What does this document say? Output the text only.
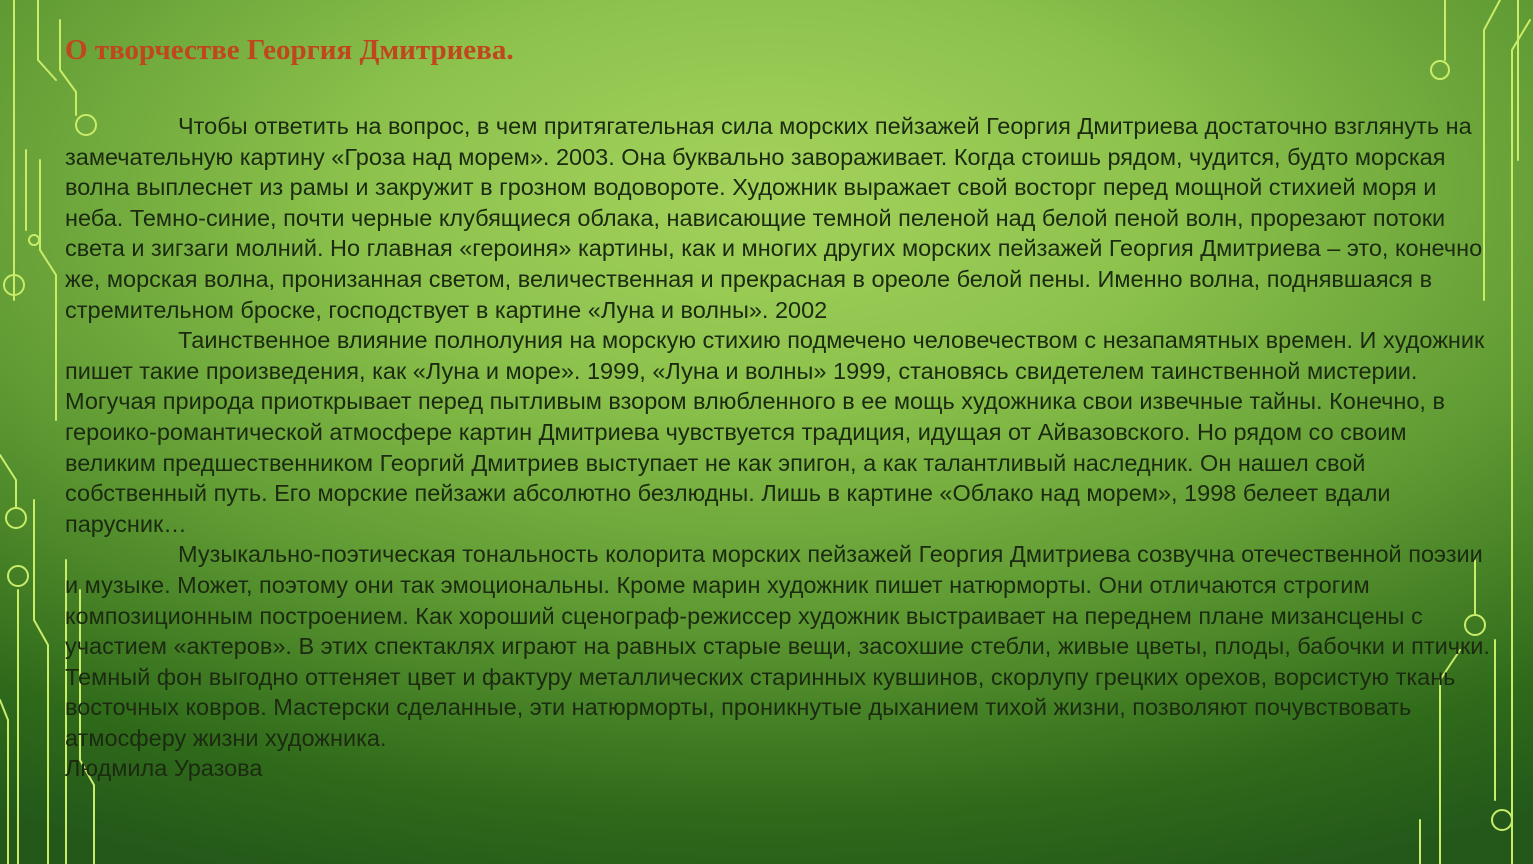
О творчестве Георгия Дмитриева.

Чтобы ответить на вопрос, в чем притягательная сила морских пейзажей Георгия Дмитриева достаточно взглянуть на замечательную картину «Гроза над морем». 2003. Она буквально завораживает. Когда стоишь рядом, чудится, будто морская волна выплеснет из рамы и закружит в грозном водовороте. Художник выражает свой восторг перед мощной стихией моря и неба. Темно-синие, почти черные клубящиеся облака, нависающие темной пеленой над белой пеной волн, прорезают потоки света и зигзаги молний. Но главная «героиня» картины, как и многих других морских пейзажей Георгия Дмитриева – это, конечно же, морская волна, пронизанная светом, величественная и прекрасная в ореоле белой пены. Именно волна, поднявшаяся в стремительном броске, господствует в картине «Луна и волны». 2002

Таинственное влияние полнолуния на морскую стихию подмечено человечеством с незапамятных времен. И художник пишет такие произведения, как «Луна и море». 1999, «Луна и волны» 1999, становясь свидетелем таинственной мистерии. Могучая природа приоткрывает перед пытливым взором влюбленного в ее мощь художника свои извечные тайны. Конечно, в героико-романтической атмосфере картин Дмитриева чувствуется традиция, идущая от Айвазовского. Но рядом со своим великим предшественником Георгий Дмитриев выступает не как эпигон, а как талантливый наследник. Он нашел свой собственный путь. Его морские пейзажи абсолютно безлюдны. Лишь в картине «Облако над морем», 1998 белеет вдали парусник…

Музыкально-поэтическая тональность колорита морских пейзажей Георгия Дмитриева созвучна отечественной поэзии и музыке. Может, поэтому они так эмоциональны. Кроме марин художник пишет натюрморты. Они отличаются строгим композиционным построением. Как хороший сценограф-режиссер художник выстраивает на переднем плане мизансцены с участием «актеров». В этих спектаклях играют на равных старые вещи, засохшие стебли, живые цветы, плоды, бабочки и птички. Темный фон выгодно оттеняет цвет и фактуру металлических старинных кувшинов, скорлупу грецких орехов, ворсистую ткань восточных ковров. Мастерски сделанные, эти натюрморты, проникнутые дыханием тихой жизни, позволяют почувствовать атмосферу жизни художника.

Людмила Уразова
